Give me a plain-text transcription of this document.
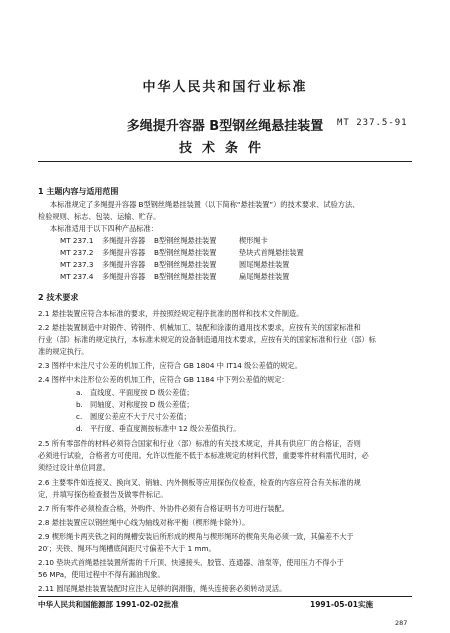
中华人民共和国行业标准
多绳提升容器 B型钢丝绳悬挂装置	MT 237.5-91
技术条件
1 主题内容与适用范围
本标准规定了多绳提升容器 B型钢丝绳悬挂装置（以下简称“悬挂装置”）的技术要求、试验方法、
检验规则、标志、包装、运输、贮存。
本标准适用于以下四种产品标准：
MT 237.1 多绳提升容器 B型钢丝绳悬挂装置	楔形绳卡
MT 237.2 多绳提升容器 B型钢丝绳悬挂装置	垫块式首绳悬挂装置
MT 237.3 多绳提升容器 B型钢丝绳悬挂装置	圆尾绳悬挂装置
MT 237.4 多绳提升容器 B型钢丝绳悬挂装置	扁尾绳悬挂装置
2 技术要求
2.1 悬挂装置应符合本标准的要求，并按照经规定程序批准的图样和技术文件制造。
2.2 悬挂装置制造中对锻件、铸钢件、机械加工、装配和涂漆的通用技术要求，应按有关的国家标准和
行业（部）标准的规定执行，本标准未规定的设备制造通用技术要求，应按有关的国家标准和行业（部）标
准的规定执行。
2.3 图样中未注尺寸公差的机加工件，应符合 GB 1804 中 IT14 级公差值的规定。
2.4 图样中未注形位公差的机加工件，应符合 GB 1184 中下列公差值的规定：
a. 直线度、平面度按 D 级公差值；
b. 同轴度、对称度按 D 级公差值；
c. 圆度公差应不大于尺寸公差值；
d. 平行度、垂直度测按标准中 12 级公差值执行。
2.5 所有零部件的材料必须符合国家和行业（部）标准的有关技术规定，并具有供应厂的合格证，否则
必须进行试验，合格者方可使用。允许以性能不低于本标准规定的材料代替，重要零件材料需代用时，必
须经过设计单位同意。
2.6 主要零件如连接叉、换向叉、销轴、内外侧板等应用探伤仪检查，检查的内容应符合有关标准的规
定，并填写探伤检查报告及做零件标记。
2.7 所有零件必须检查合格，外购件、外协件必须有合格证明书方可进行装配。
2.8 悬挂装置应以钢丝绳中心线为轴线对称平衡（楔形绳卡除外）。
2.9 楔形绳卡两夹铁之间的绳槽安装后所形成的楔角与楔形绳环的楔角夹角必须一致，其偏差不大于
20′；夹铁、绳环与绳槽底间距尺寸偏差不大于 1 mm。
2.10 垫块式首绳悬挂装置所需的千斤顶、快速接头、胶管、连通器、油泵等，使用压力不得小于
56 MPa，使用过程中不得有漏油现象。
2.11 圆尾绳悬挂装置装配时应注入足够的润滑脂，绳头连接套必须转动灵活。
中华人民共和国能源部 1991-02-02批准	1991-05-01实施
287
